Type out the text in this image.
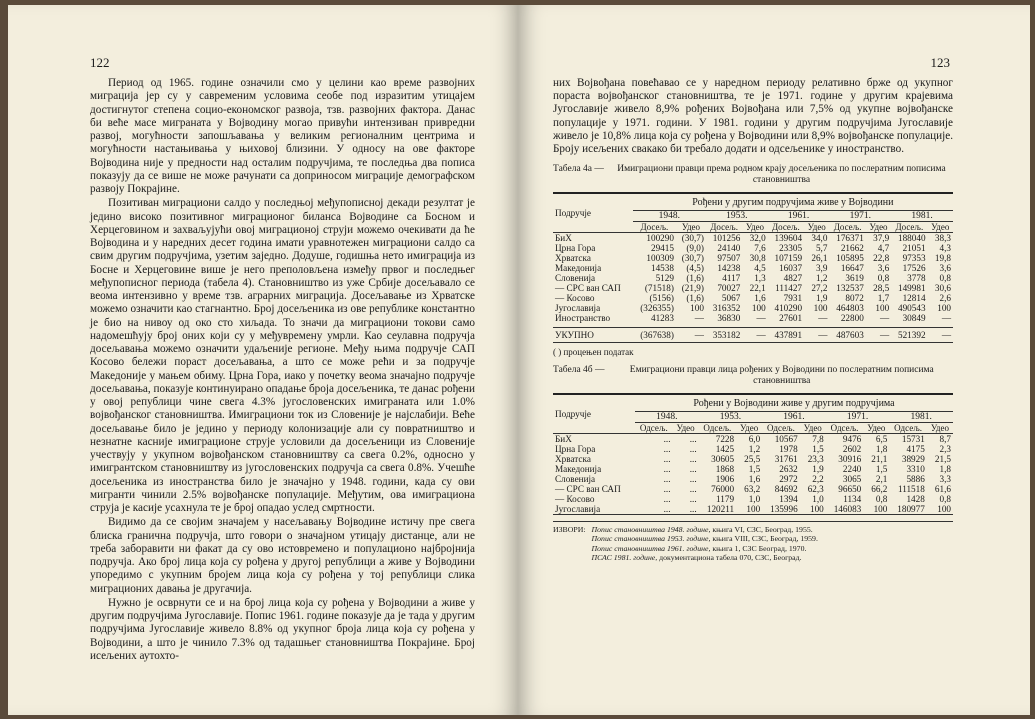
122

Период од 1965. године означили смо у целини као време развојних миграција јер су у савременим условима сеобе под изразитим утицајем достигнутог степена социо-економског развоја, тзв. развојних фактора. Данас би веће масе миграната у Војводину могао привући интензиван привредни развој, могућности запошљавања у великим регионалним центрима и могућности настањивања у њиховој близини. У односу на ове факторе Војводина није у предности над осталим подручјима, те последња два пописа показују да се више не може рачунати са доприносом миграције демографском развоју Покрајине.

Позитиван миграциони салдо у последњој међупописној декади резултат је једино високо позитивног миграционог биланса Војводине са Босном и Херцеговином и захваљујући овој миграционој струји можемо очекивати да ће Војводина и у наредних десет година имати уравнотежен миграциони салдо са свим другим подручјима, узетим заједно. Додуше, годишња нето имиграција из Босне и Херцеговине више је него преполовљена између првог и последњег међупописног периода (табела 4). Становништво из уже Србије досељавало се веома интензивно у време тзв. аграрних миграција. Досељавање из Хрватске можемо означити као стагнантно. Број досељеника из ове републике константно је био на нивоу од око сто хиљада. То значи да миграциони токови само надомешћују број оних који су у међувремену умрли. Као сеулавна подручја досељавања можемо означити удаљеније регионе. Међу њима подручје САП Косово бележи пораст досељавања, а што се може рећи и за подручје Македоније у мањем обиму. Црна Гора, иако у почетку веома значајно подручје досељавања, показује континуирано опадање броја досељеника, те данас рођени у овој републици чине свега 4.3% југословенских имиграната или 1.0% војвођанског становништва. Имиграциони ток из Словеније је најслабији. Веће досељавање било је једино у периоду колонизације али су повратништво и незнатне касније имиграционе струје условили да досељеници из Словеније учествују у укупном војвођанском становништву са свега 0.2%, односно у имигрантском становништву из југословенских подручја са свега 0.8%. Учешће досељеника из иностранства било је значајно у 1948. години, када су ови мигранти чинили 2.5% војвођанске популације. Међутим, ова имиграциона струја је касије усахнула те је број опадао услед смртности.

Видимо да се својим значајем у насељавању Војводине истичу пре свега блиска гранична подручја, што говори о значајном утицају дистанце, али не треба заборавити ни факат да су ово истовремено и популационо најбројнија подручја. Ако број лица која су рођена у другој републици а живе у Војводини упоредимо с укупним бројем лица која су рођена у тој републици слика миграционих давања је другачија.

Нужно је осврнути се и на број лица која су рођена у Војводини а живе у другим подручјима Југославије. Попис 1961. године показује да је тада у другим подручјима Југославије живело 8.8% од укупног броја лица која су рођена у Војводини, а што је чинило 7.3% од тадашњег становништва Покрајине. Број исељених аутохто-

123

них Војвођана повећавао се у наредном периоду релативно брже од укупног пораста војвођанског становништва, те је 1971. године у другим крајевима Југославије живело 8,9% рођених Војвођана или 7,5% од укупне војвођанске популације у 1971. години. У 1981. години у другим подручјима Југославије живело је 10,8% лица која су рођена у Војводини или 8,9% војвођанске популације. Броју исељених свакако би требало додати и одсељенике у иностранство.

Табела 4а —	Имиграциони правци према родном крају досељеника по послератним пописима становништва
Подручје	Рођени у другим подручјима живе у Војводини									
	1948.		1953.		1961.		1971.		1981.	
	Досељ.	Удео	Досељ.	Удео	Досељ.	Удео	Досељ.	Удео	Досељ.	Удео
БиХ	100290	(30,7)	101256	32,0	139604	34,0	176371	37,9	188040	38,3
Црна Гора	29415	(9,0)	24140	7,6	23305	5,7	21662	4,7	21051	4,3
Хрватска	100309	(30,7)	97507	30,8	107159	26,1	105895	22,8	97353	19,8
Македонија	14538	(4,5)	14238	4,5	16037	3,9	16647	3,6	17526	3,6
Словенија	5129	(1,6)	4117	1,3	4827	1,2	3619	0,8	3778	0,8
— СРС ван САП	(71518)	(21,9)	70027	22,1	111427	27,2	132537	28,5	149981	30,6
— Косово	(5156)	(1,6)	5067	1,6	7931	1,9	8072	1,7	12814	2,6
Југославија	(326355)	100	316352	100	410290	100	464803	100	490543	100
Иностранство	41283	—	36830	—	27601	—	22800	—	30849	—

УКУПНО	(367638)	—	353182	—	437891	—	487603	—	521392	—
( ) процењен податак
Табела 4б —	Емиграциони правци лица рођених у Војводини по послератним пописима становништва
Подручје	Рођени у Војводини живе у другим подручјима									
	1948.		1953.		1961.		1971.		1981.	
	Одсељ.	Удео	Одсељ.	Удео	Одсељ.	Удео	Одсељ.	Удео	Одсељ.	Удео
БиХ	...	...	7228	6,0	10567	7,8	9476	6,5	15731	8,7
Црна Гора	...	...	1425	1,2	1978	1,5	2602	1,8	4175	2,3
Хрватска	...	...	30605	25,5	31761	23,3	30916	21,1	38929	21,5
Македонија	...	...	1868	1,5	2632	1,9	2240	1,5	3310	1,8
Словенија	...	...	1906	1,6	2972	2,2	3065	2,1	5886	3,3
— СРС ван САП	...	...	76000	63,2	84692	62,3	96650	66,2	111518	61,6
— Косово	...	...	1179	1,0	1394	1,0	1134	0,8	1428	0,8
Југославија	...	...	120211	100	135996	100	146083	100	180977	100
ИЗВОРИ: Попис становништва 1948. године, књига VI, СЗС, Београд, 1955.
Попис становништва 1953. године, књига VIII, СЗС, Београд, 1959.
Попис становништва 1961. године, књига 1, СЗС Београд, 1970.
ПСАС 1981. године, документациона табела 070, СЗС, Београд.
